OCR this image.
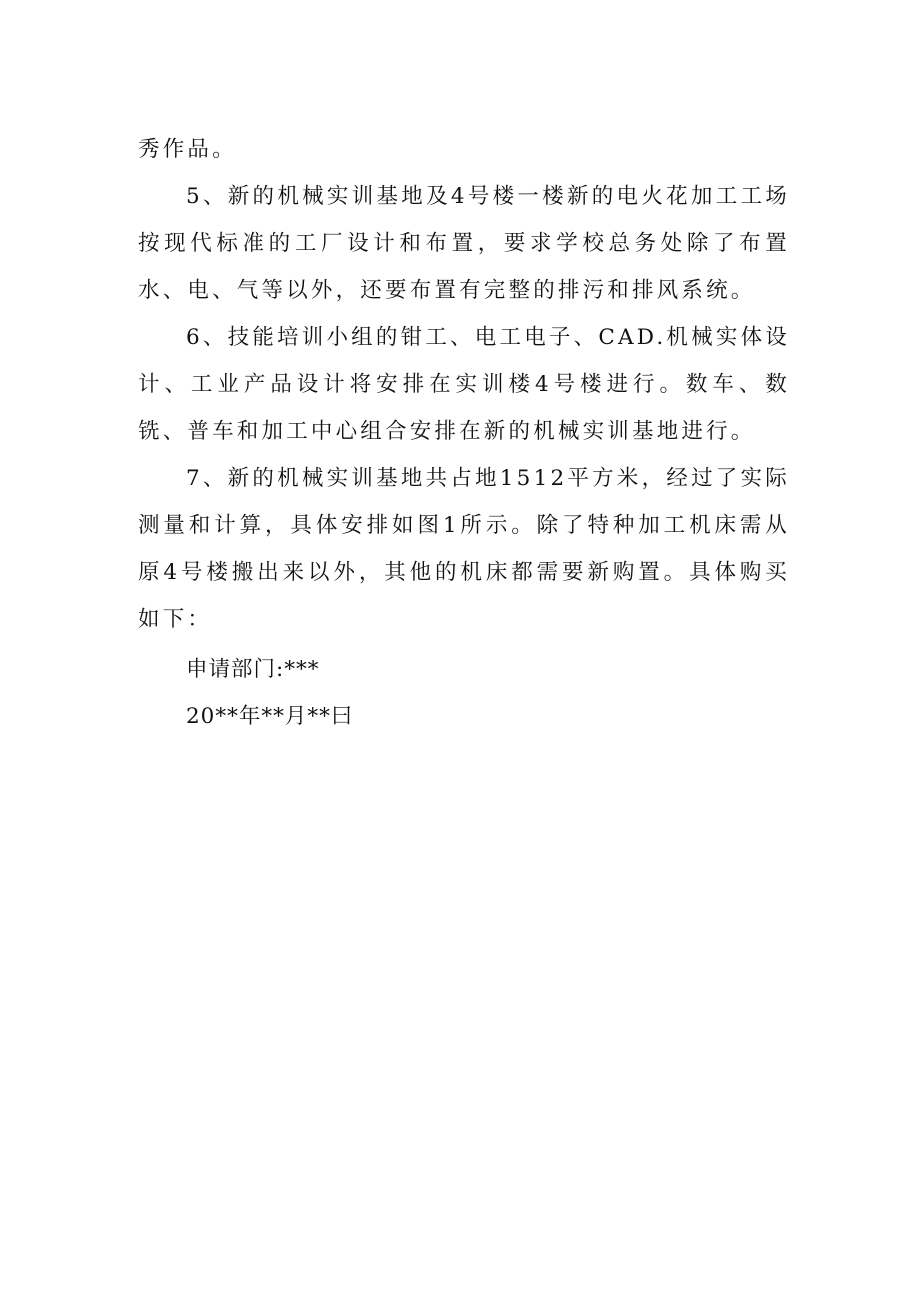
秀作品。

5、新的机械实训基地及4号楼一楼新的电火花加工工场按现代标准的工厂设计和布置，要求学校总务处除了布置水、电、气等以外，还要布置有完整的排污和排风系统。

6、技能培训小组的钳工、电工电子、CAD.机械实体设计、工业产品设计将安排在实训楼4号楼进行。数车、数铣、普车和加工中心组合安排在新的机械实训基地进行。

7、新的机械实训基地共占地1512平方米，经过了实际测量和计算，具体安排如图1所示。除了特种加工机床需从原4号楼搬出来以外，其他的机床都需要新购置。具体购买如下：

申请部门:***

20**年**月**曰
